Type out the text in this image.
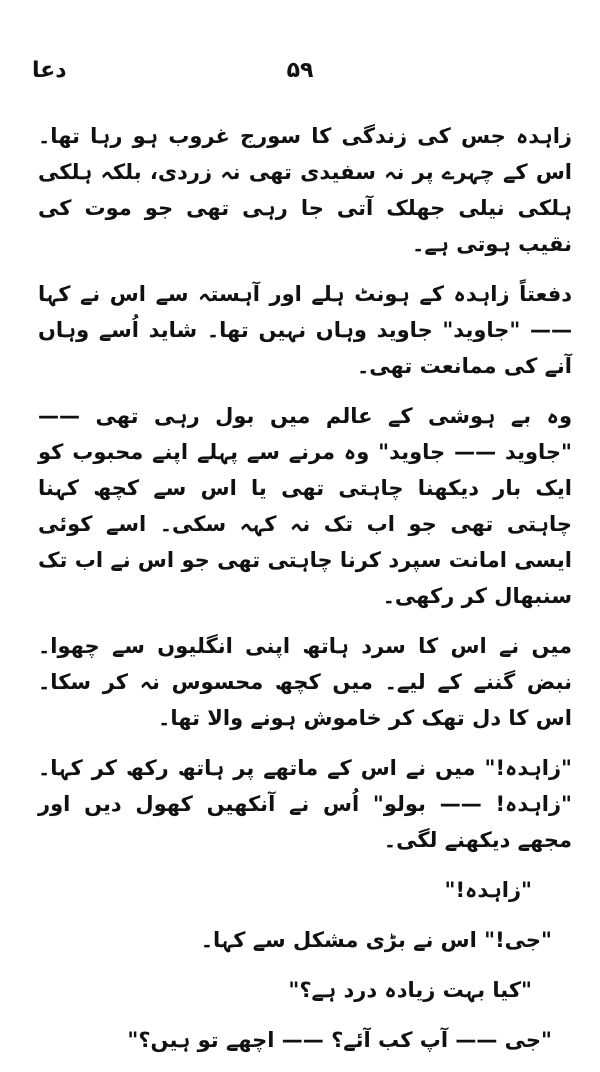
دعا	۵۹

زاہدہ جس کی زندگی کا سورج غروب ہو رہا تھا۔ اس کے چہرے پر نہ سفیدی تھی نہ زردی، بلکہ ہلکی ہلکی نیلی جھلک آتی جا رہی تھی جو موت کی نقیب ہوتی ہے۔

دفعتاً زاہدہ کے ہونٹ ہلے اور آہستہ سے اس نے کہا —— "جاوید" جاوید وہاں نہیں تھا۔ شاید اُسے وہاں آنے کی ممانعت تھی۔

وہ بے ہوشی کے عالم میں بول رہی تھی —— "جاوید —— جاوید" وہ مرنے سے پہلے اپنے محبوب کو ایک بار دیکھنا چاہتی تھی یا اس سے کچھ کہنا چاہتی تھی جو اب تک نہ کہہ سکی۔ اسے کوئی ایسی امانت سپرد کرنا چاہتی تھی جو اس نے اب تک سنبھال کر رکھی۔

میں نے اس کا سرد ہاتھ اپنی انگلیوں سے چھوا۔ نبض گننے کے لیے۔ میں کچھ محسوس نہ کر سکا۔ اس کا دل تھک کر خاموش ہونے والا تھا۔

"زاہدہ!" میں نے اس کے ماتھے پر ہاتھ رکھ کر کہا۔ "زاہدہ! —— بولو" اُس نے آنکھیں کھول دیں اور مجھے دیکھنے لگی۔

"زاہدہ!"

"جی!" اس نے بڑی مشکل سے کہا۔

"کیا بہت زیادہ درد ہے؟"

"جی —— آپ کب آئے؟ —— اچھے تو ہیں؟"
